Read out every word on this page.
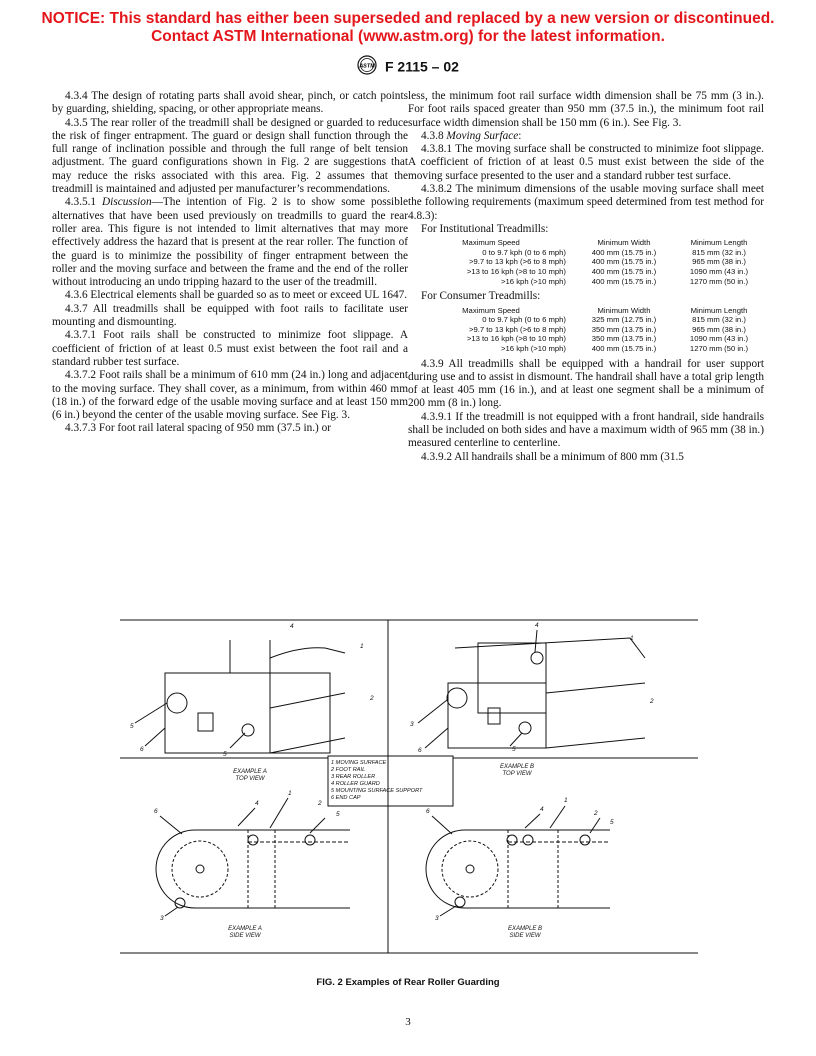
NOTICE: This standard has either been superseded and replaced by a new version or discontinued.
Contact ASTM International (www.astm.org) for the latest information.
ASTM F 2115 – 02

4.3.4 The design of rotating parts shall avoid shear, pinch, or catch points by guarding, shielding, spacing, or other appropriate means.

4.3.5 The rear roller of the treadmill shall be designed or guarded to reduce the risk of finger entrapment. The guard or design shall function through the full range of inclination possible and through the full range of belt tension adjustment. The guard configurations shown in Fig. 2 are suggestions that may reduce the risks associated with this area. Fig. 2 assumes that the treadmill is maintained and adjusted per manufacturer’s recommendations.

4.3.5.1 Discussion—The intention of Fig. 2 is to show some possible alternatives that have been used previously on treadmills to guard the rear roller area. This figure is not intended to limit alternatives that may more effectively address the hazard that is present at the rear roller. The function of the guard is to minimize the possibility of finger entrapment between the roller and the moving surface and between the frame and the end of the roller without introducing an undo tripping hazard to the user of the treadmill.

4.3.6 Electrical elements shall be guarded so as to meet or exceed UL 1647.

4.3.7 All treadmills shall be equipped with foot rails to facilitate user mounting and dismounting.

4.3.7.1 Foot rails shall be constructed to minimize foot slippage. A coefficient of friction of at least 0.5 must exist between the foot rail and a standard rubber test surface.

4.3.7.2 Foot rails shall be a minimum of 610 mm (24 in.) long and adjacent to the moving surface. They shall cover, as a minimum, from within 460 mm (18 in.) of the forward edge of the usable moving surface and at least 150 mm (6 in.) beyond the center of the usable moving surface. See Fig. 3.

4.3.7.3 For foot rail lateral spacing of 950 mm (37.5 in.) or

less, the minimum foot rail surface width dimension shall be 75 mm (3 in.). For foot rails spaced greater than 950 mm (37.5 in.), the minimum foot rail surface width dimension shall be 150 mm (6 in.). See Fig. 3.

4.3.8 Moving Surface:

4.3.8.1 The moving surface shall be constructed to minimize foot slippage. A coefficient of friction of at least 0.5 must exist between the side of the moving surface presented to the user and a standard rubber test surface.

4.3.8.2 The minimum dimensions of the usable moving surface shall meet the following requirements (maximum speed determined from test method for 4.8.3):

For Institutional Treadmills:

Maximum Speed	Minimum Width	Minimum Length
0 to 9.7 kph (0 to 6 mph)	400 mm (15.75 in.)	815 mm (32 in.)
>9.7 to 13 kph (>6 to 8 mph)	400 mm (15.75 in.)	965 mm (38 in.)
>13 to 16 kph (>8 to 10 mph)	400 mm (15.75 in.)	1090 mm (43 in.)
>16 kph (>10 mph)	400 mm (15.75 in.)	1270 mm (50 in.)

For Consumer Treadmills:

Maximum Speed	Minimum Width	Minimum Length
0 to 9.7 kph (0 to 6 mph)	325 mm (12.75 in.)	815 mm (32 in.)
>9.7 to 13 kph (>6 to 8 mph)	350 mm (13.75 in.)	965 mm (38 in.)
>13 to 16 kph (>8 to 10 mph)	350 mm (13.75 in.)	1090 mm (43 in.)
>16 kph (>10 mph)	400 mm (15.75 in.)	1270 mm (50 in.)

4.3.9 All treadmills shall be equipped with a handrail for user support during use and to assist in dismount. The handrail shall have a total grip length of at least 405 mm (16 in.), and at least one segment shall be a minimum of 200 mm (8 in.) long.

4.3.9.1 If the treadmill is not equipped with a front handrail, side handrails shall be included on both sides and have a maximum width of 965 mm (38 in.) measured centerline to centerline.

4.3.9.2 All handrails shall be a minimum of 800 mm (31.5

4
1
2
5
6
5
4
1
2
3
6	5
6
4
1
2
5
3
6	4
1
2
5
3
EXAMPLE A
TOP VIEW
EXAMPLE B
TOP VIEW
EXAMPLE A
SIDE VIEW
EXAMPLE B
SIDE VIEW
1 MOVING SURFACE
2 FOOT RAIL
3 REAR ROLLER
4 ROLLER GUARD
5 MOUNTING SURFACE SUPPORT
6 END CAP
FIG. 2 Examples of Rear Roller Guarding
3
